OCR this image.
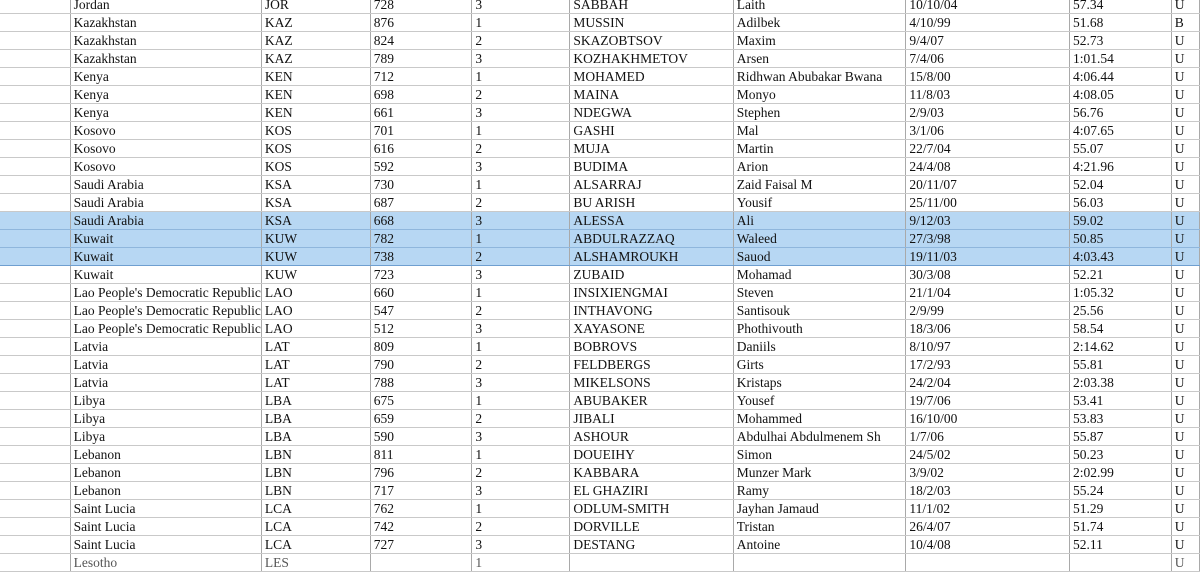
	Jordan	JOR	728	3	SABBAH	Laith	10/10/04	57.34	U
	Kazakhstan	KAZ	876	1	MUSSIN	Adilbek	4/10/99	51.68	B
	Kazakhstan	KAZ	824	2	SKAZOBTSOV	Maxim	9/4/07	52.73	U
	Kazakhstan	KAZ	789	3	KOZHAKHMETOV	Arsen	7/4/06	1:01.54	U
	Kenya	KEN	712	1	MOHAMED	Ridhwan Abubakar Bwana	15/8/00	4:06.44	U
	Kenya	KEN	698	2	MAINA	Monyo	11/8/03	4:08.05	U
	Kenya	KEN	661	3	NDEGWA	Stephen	2/9/03	56.76	U
	Kosovo	KOS	701	1	GASHI	Mal	3/1/06	4:07.65	U
	Kosovo	KOS	616	2	MUJA	Martin	22/7/04	55.07	U
	Kosovo	KOS	592	3	BUDIMA	Arion	24/4/08	4:21.96	U
	Saudi Arabia	KSA	730	1	ALSARRAJ	Zaid Faisal M	20/11/07	52.04	U
	Saudi Arabia	KSA	687	2	BU ARISH	Yousif	25/11/00	56.03	U
	Saudi Arabia	KSA	668	3	ALESSA	Ali	9/12/03	59.02	U
	Kuwait	KUW	782	1	ABDULRAZZAQ	Waleed	27/3/98	50.85	U
	Kuwait	KUW	738	2	ALSHAMROUKH	Sauod	19/11/03	4:03.43	U
	Kuwait	KUW	723	3	ZUBAID	Mohamad	30/3/08	52.21	U
	Lao People's Democratic Republic	LAO	660	1	INSIXIENGMAI	Steven	21/1/04	1:05.32	U
	Lao People's Democratic Republic	LAO	547	2	INTHAVONG	Santisouk	2/9/99	25.56	U
	Lao People's Democratic Republic	LAO	512	3	XAYASONE	Phothivouth	18/3/06	58.54	U
	Latvia	LAT	809	1	BOBROVS	Daniils	8/10/97	2:14.62	U
	Latvia	LAT	790	2	FELDBERGS	Girts	17/2/93	55.81	U
	Latvia	LAT	788	3	MIKELSONS	Kristaps	24/2/04	2:03.38	U
	Libya	LBA	675	1	ABUBAKER	Yousef	19/7/06	53.41	U
	Libya	LBA	659	2	JIBALI	Mohammed	16/10/00	53.83	U
	Libya	LBA	590	3	ASHOUR	Abdulhai Abdulmenem Sh	1/7/06	55.87	U
	Lebanon	LBN	811	1	DOUEIHY	Simon	24/5/02	50.23	U
	Lebanon	LBN	796	2	KABBARA	Munzer Mark	3/9/02	2:02.99	U
	Lebanon	LBN	717	3	EL GHAZIRI	Ramy	18/2/03	55.24	U
	Saint Lucia	LCA	762	1	ODLUM-SMITH	Jayhan Jamaud	11/1/02	51.29	U
	Saint Lucia	LCA	742	2	DORVILLE	Tristan	26/4/07	51.74	U
	Saint Lucia	LCA	727	3	DESTANG	Antoine	10/4/08	52.11	U
	Lesotho	LES		1					U
